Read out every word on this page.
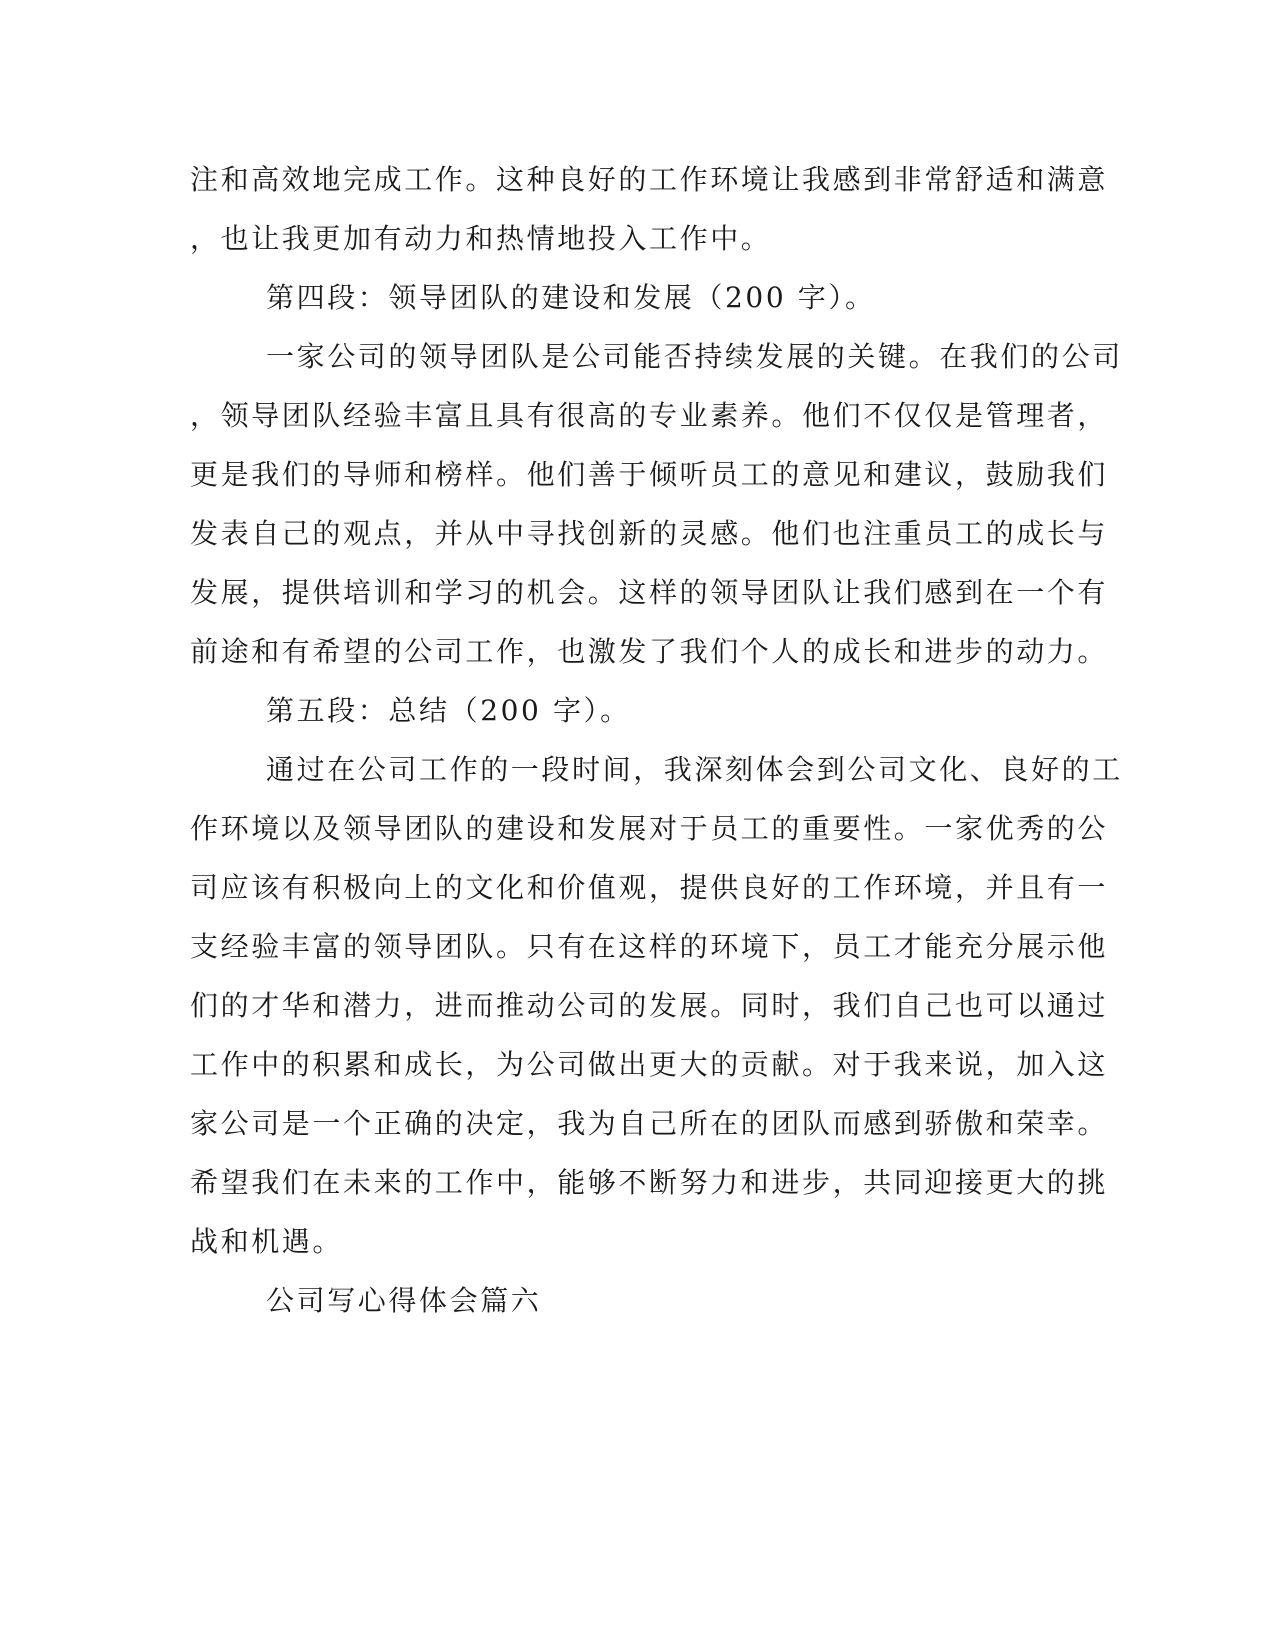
注和高效地完成工作。这种良好的工作环境让我感到非常舒适和满意

，也让我更加有动力和热情地投入工作中。

第四段：领导团队的建设和发展（200 字）。

一家公司的领导团队是公司能否持续发展的关键。在我们的公司

，领导团队经验丰富且具有很高的专业素养。他们不仅仅是管理者，

更是我们的导师和榜样。他们善于倾听员工的意见和建议，鼓励我们

发表自己的观点，并从中寻找创新的灵感。他们也注重员工的成长与

发展，提供培训和学习的机会。这样的领导团队让我们感到在一个有

前途和有希望的公司工作，也激发了我们个人的成长和进步的动力。

第五段：总结（200 字）。

通过在公司工作的一段时间，我深刻体会到公司文化、良好的工

作环境以及领导团队的建设和发展对于员工的重要性。一家优秀的公

司应该有积极向上的文化和价值观，提供良好的工作环境，并且有一

支经验丰富的领导团队。只有在这样的环境下，员工才能充分展示他

们的才华和潜力，进而推动公司的发展。同时，我们自己也可以通过

工作中的积累和成长，为公司做出更大的贡献。对于我来说，加入这

家公司是一个正确的决定，我为自己所在的团队而感到骄傲和荣幸。

希望我们在未来的工作中，能够不断努力和进步，共同迎接更大的挑

战和机遇。

公司写心得体会篇六
